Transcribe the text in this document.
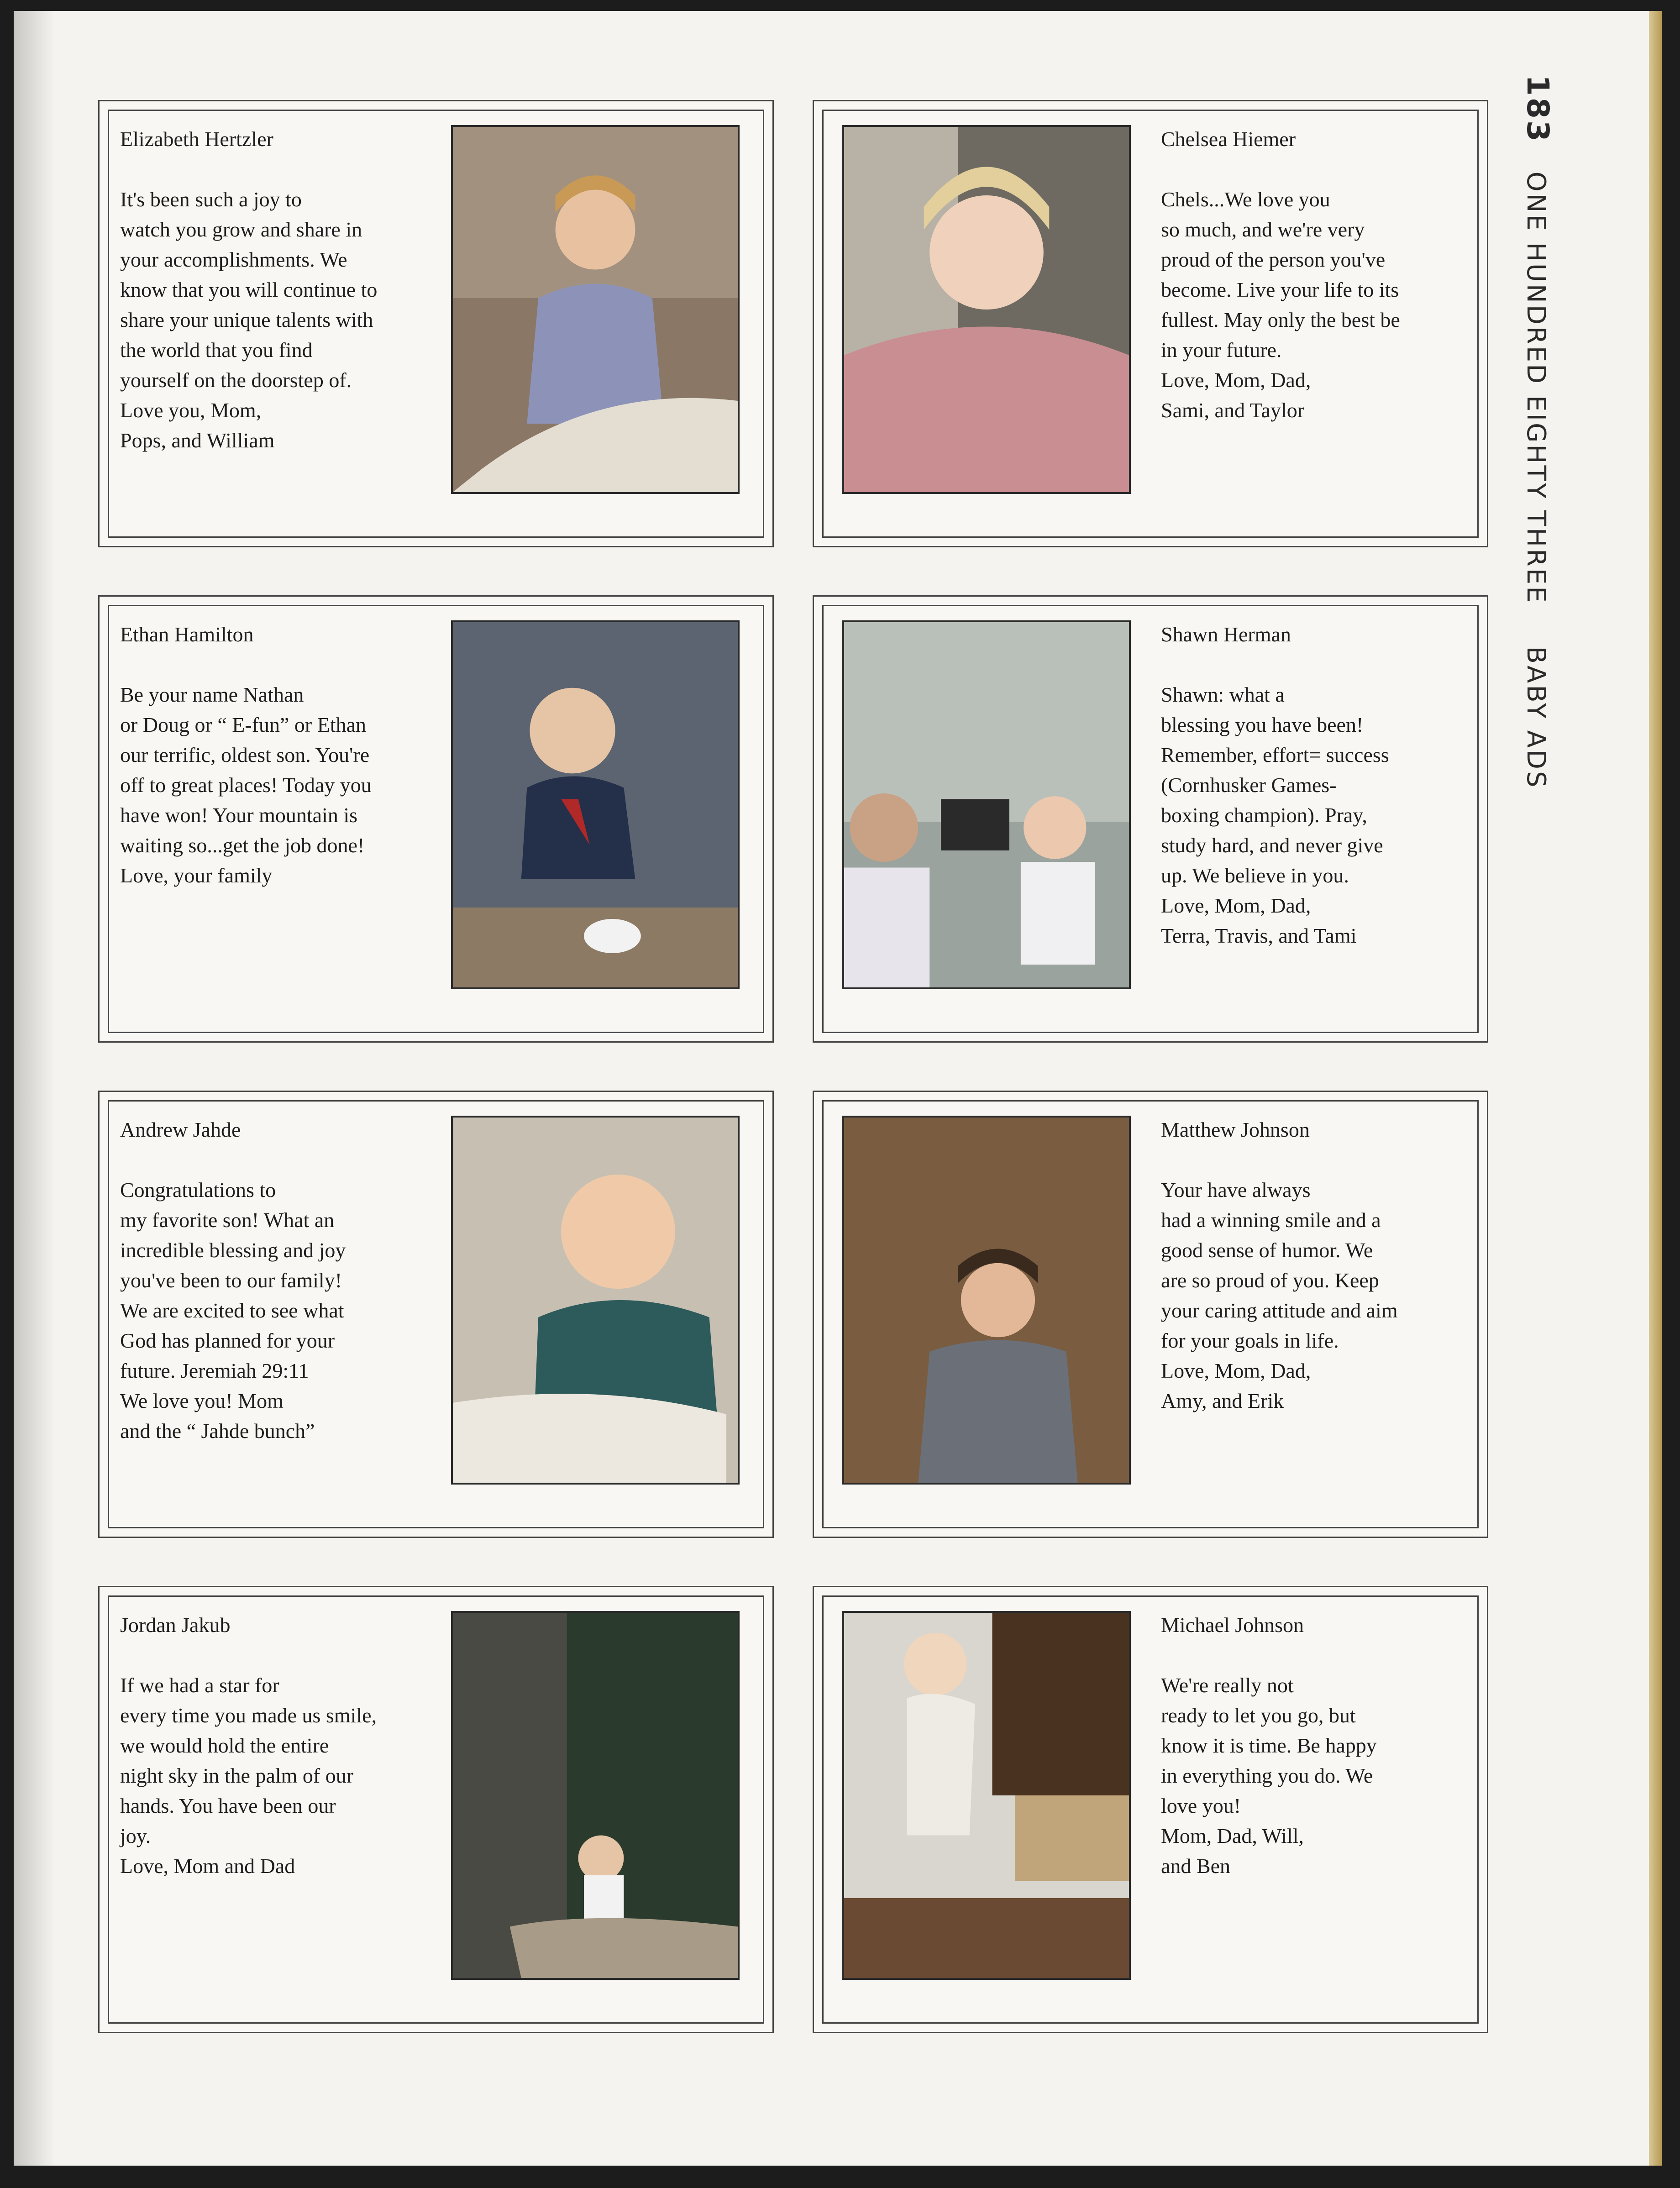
183 ONE HUNDRED EIGHTY THREE BABY ADS
Elizabeth Hertzler
It's been such a joy to
watch you grow and share in
your accomplishments. We
know that you will continue to
share your unique talents with
the world that you find
yourself on the doorstep of.
Love you, Mom,
Pops, and William
Chelsea Hiemer
Chels...We love you
so much, and we're very
proud of the person you've
become. Live your life to its
fullest. May only the best be
in your future.
Love, Mom, Dad,
Sami, and Taylor
Ethan Hamilton
Be your name Nathan
or Doug or “ E-fun” or Ethan
our terrific, oldest son. You're
off to great places! Today you
have won! Your mountain is
waiting so...get the job done!
Love, your family
Shawn Herman
Shawn: what a
blessing you have been!
Remember, effort= success
(Cornhusker Games-
boxing champion). Pray,
study hard, and never give
up. We believe in you.
Love, Mom, Dad,
Terra, Travis, and Tami
Andrew Jahde
Congratulations to
my favorite son! What an
incredible blessing and joy
you've been to our family!
We are excited to see what
God has planned for your
future. Jeremiah 29:11
We love you! Mom
and the “ Jahde bunch”
Matthew Johnson
Your have always
had a winning smile and a
good sense of humor. We
are so proud of you. Keep
your caring attitude and aim
for your goals in life.
Love, Mom, Dad,
Amy, and Erik
Jordan Jakub
If we had a star for
every time you made us smile,
we would hold the entire
night sky in the palm of our
hands. You have been our
joy.
Love, Mom and Dad
Michael Johnson
We're really not
ready to let you go, but
know it is time. Be happy
in everything you do. We
love you!
Mom, Dad, Will,
and Ben
